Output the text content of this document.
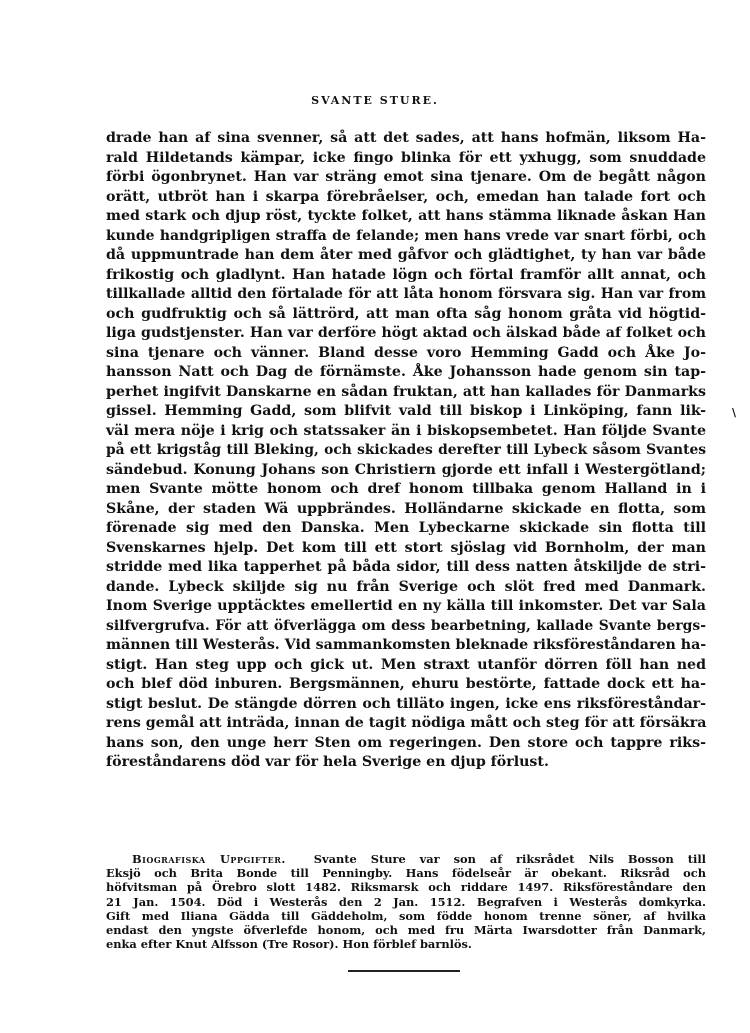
SVANTE STURE.
drade han af sina svenner, så att det sades, att hans hofmän, liksom Ha-
rald Hildetands kämpar, icke fingo blinka för ett yxhugg, som snuddade
förbi ögonbrynet. Han var sträng emot sina tjenare. Om de begått någon
orätt, utbröt han i skarpa förebråelser, och, emedan han talade fort och
med stark och djup röst, tyckte folket, att hans stämma liknade åskan Han
kunde handgripligen straffa de felande; men hans vrede var snart förbi, och
då uppmuntrade han dem åter med gåfvor och glädtighet, ty han var både
frikostig och gladlynt. Han hatade lögn och förtal framför allt annat, och
tillkallade alltid den förtalade för att låta honom försvara sig. Han var from
och gudfruktig och så lättrörd, att man ofta såg honom gråta vid högtid-
liga gudstjenster. Han var derföre högt aktad och älskad både af folket och
sina tjenare och vänner. Bland desse voro Hemming Gadd och Åke Jo-
hansson Natt och Dag de förnämste. Åke Johansson hade genom sin tap-
perhet ingifvit Danskarne en sådan fruktan, att han kallades för Danmarks
gissel. Hemming Gadd, som blifvit vald till biskop i Linköping, fann lik-
väl mera nöje i krig och statssaker än i biskopsembetet. Han följde Svante
på ett krigståg till Bleking, och skickades derefter till Lybeck såsom Svantes
sändebud. Konung Johans son Christiern gjorde ett infall i Westergötland;
men Svante mötte honom och dref honom tillbaka genom Halland in i
Skåne, der staden Wä uppbrändes. Holländarne skickade en flotta, som
förenade sig med den Danska. Men Lybeckarne skickade sin flotta till
Svenskarnes hjelp. Det kom till ett stort sjöslag vid Bornholm, der man
stridde med lika tapperhet på båda sidor, till dess natten åtskiljde de stri-
dande. Lybeck skiljde sig nu från Sverige och slöt fred med Danmark.
Inom Sverige upptäcktes emellertid en ny källa till inkomster. Det var Sala
silfvergrufva. För att öfverlägga om dess bearbetning, kallade Svante bergs-
männen till Westerås. Vid sammankomsten bleknade riksföreståndaren ha-
stigt. Han steg upp och gick ut. Men straxt utanför dörren föll han ned
och blef död inburen. Bergsmännen, ehuru bestörte, fattade dock ett ha-
stigt beslut. De stängde dörren och tilläto ingen, icke ens riksföreståndar-
rens gemål att inträda, innan de tagit nödiga mått och steg för att försäkra
hans son, den unge herr Sten om regeringen. Den store och tappre riks-
föreståndarens död var för hela Sverige en djup förlust.
\
Biografiska Uppgifter. Svante Sture var son af riksrådet Nils Bosson till
Eksjö och Brita Bonde till Penningby. Hans födelseår är obekant. Riksråd och
höfvitsman på Örebro slott 1482. Riksmarsk och riddare 1497. Riksföreståndare den
21 Jan. 1504. Död i Westerås den 2 Jan. 1512. Begrafven i Westerås domkyrka.
Gift med Iliana Gädda till Gäddeholm, som födde honom trenne söner, af hvilka
endast den yngste öfverlefde honom, och med fru Märta Iwarsdotter från Danmark,
enka efter Knut Alfsson (Tre Rosor). Hon förblef barnlös.
